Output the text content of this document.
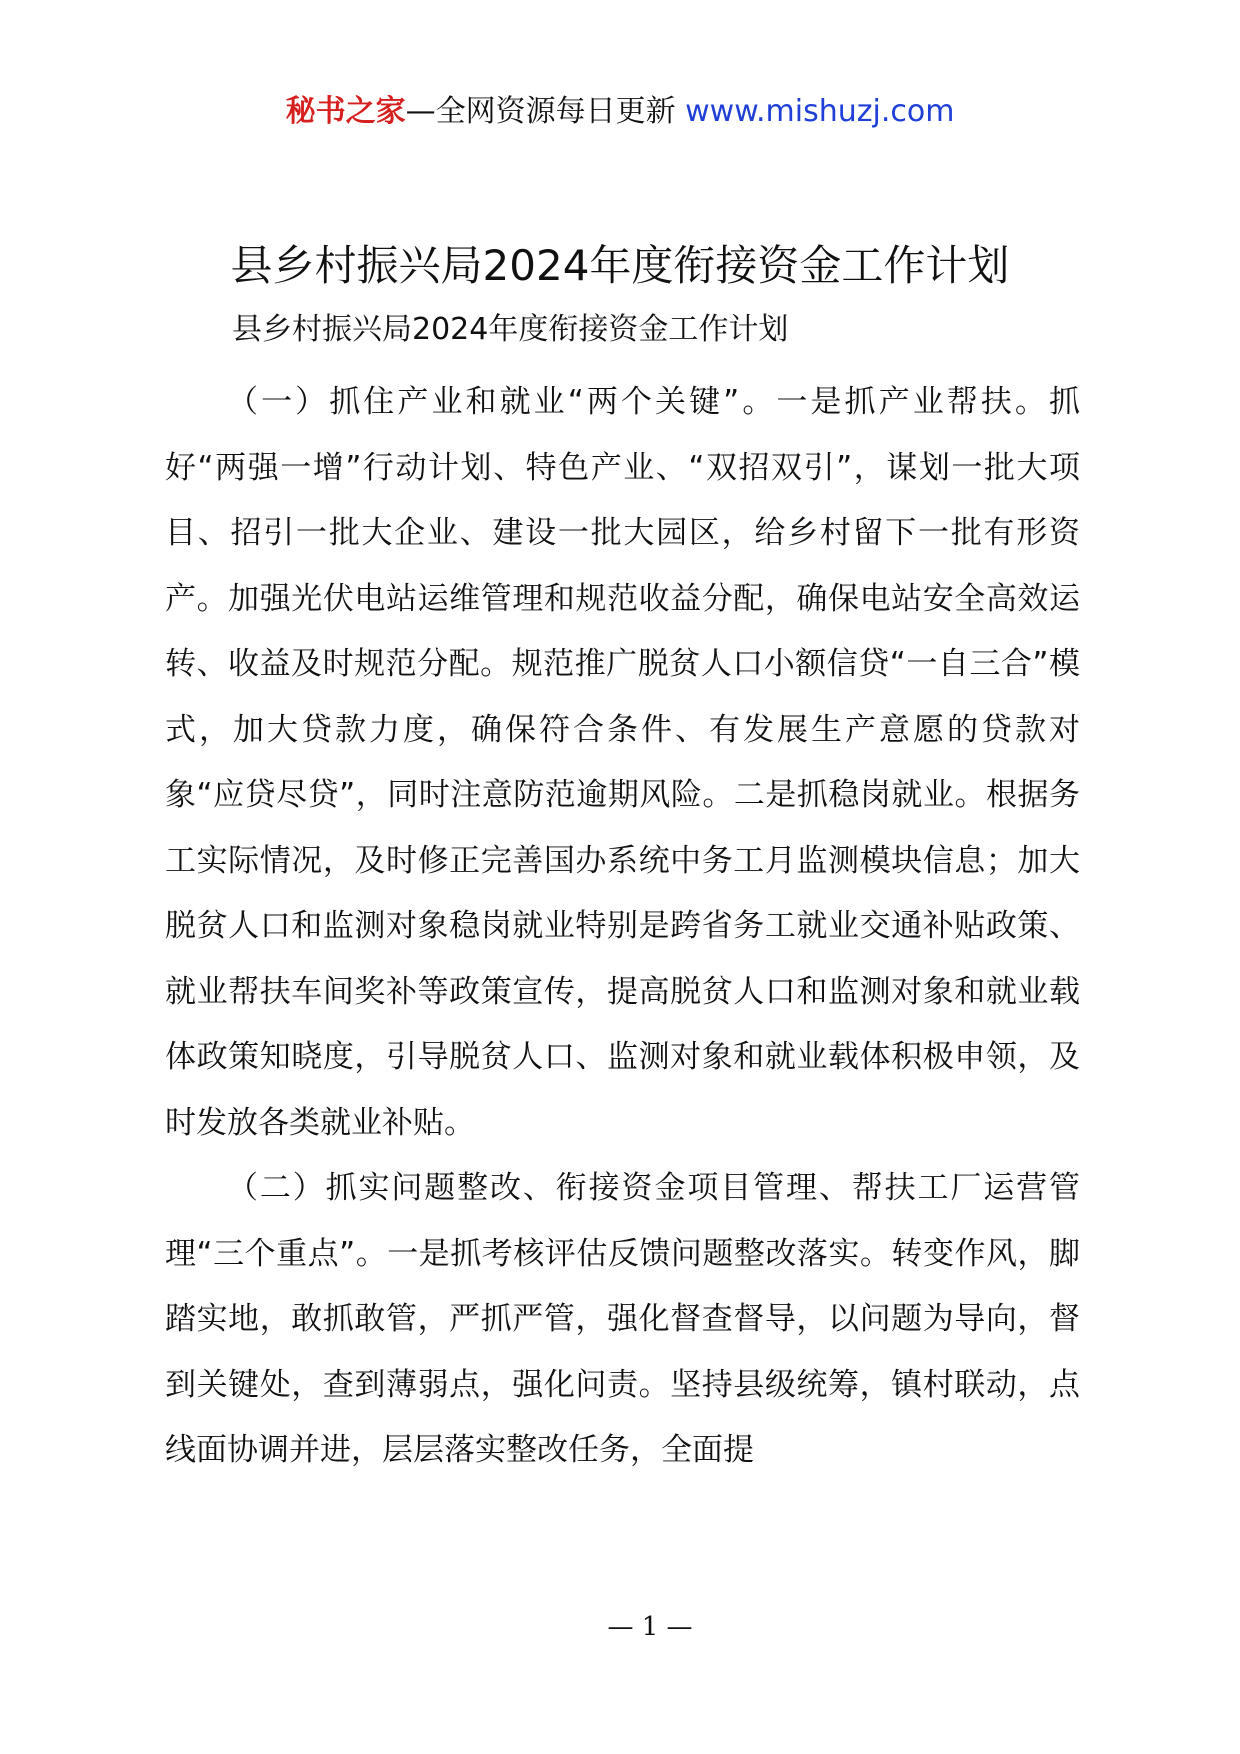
秘书之家—全网资源每日更新 www.mishuzj.com
县乡村振兴局2024年度衔接资金工作计划
县乡村振兴局2024年度衔接资金工作计划

（一）抓住产业和就业“两个关键”。一是抓产业帮扶。抓好“两强一增”行动计划、特色产业、“双招双引”，谋划一批大项目、招引一批大企业、建设一批大园区，给乡村留下一批有形资产。加强光伏电站运维管理和规范收益分配，确保电站安全高效运转、收益及时规范分配。规范推广脱贫人口小额信贷“一自三合”模式，加大贷款力度，确保符合条件、有发展生产意愿的贷款对象“应贷尽贷”，同时注意防范逾期风险。二是抓稳岗就业。根据务工实际情况，及时修正完善国办系统中务工月监测模块信息；加大脱贫人口和监测对象稳岗就业特别是跨省务工就业交通补贴政策、就业帮扶车间奖补等政策宣传，提高脱贫人口和监测对象和就业载体政策知晓度，引导脱贫人口、监测对象和就业载体积极申领，及时发放各类就业补贴。

（二）抓实问题整改、衔接资金项目管理、帮扶工厂运营管理“三个重点”。一是抓考核评估反馈问题整改落实。转变作风，脚踏实地，敢抓敢管，严抓严管，强化督查督导，以问题为导向，督到关键处，查到薄弱点，强化问责。坚持县级统筹，镇村联动，点线面协调并进，层层落实整改任务，全面提

— 1 —
